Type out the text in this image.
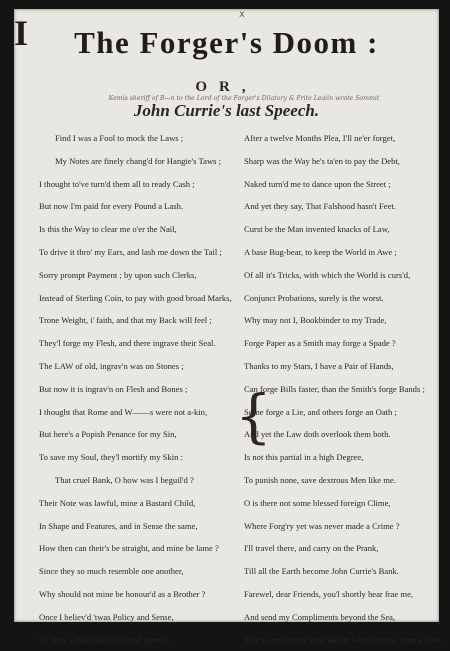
x
The Forger's Doom :
OR,
Kemis sheriff of B—n to the Lord of the Forger's Dilatory & Frite Leaiin wrote Sommit
John Currie's last Speech.
I
Find I was a Fool to mock the Laws ;
My Notes are finely chang'd for Hangie's Taws ;
I thought to've turn'd them all to ready Cash ;
But now I'm paid for every Pound a Lash.
Is this the Way to clear me o'er the Nail,
To drive it thro' my Ears, and lash me down the Tail ;
Sorry prompt Payment ; by upon such Clerks,
Instead of Sterling Coin, to pay with good broad Marks,
Trone Weight, i' faith, and that my Back will feel ;
They'l forge my Flesh, and there ingrave their Seal.
The LAW of old, ingrav'n was on Stones ;
But now it is ingrav'n on Flesh and Bones ;
I thought that Rome and W——s were not a-kin,
But here's a Popish Penance for my Sin,
To save my Soul, they'l mortify my Skin :
That cruel Bank, O how was I beguil'd ?
Their Note was lawful, mine a Bastard Child,
In Shape and Features, and in Sense the same,
How then can their's be straight, and mine be lame ?
Since they so much resemble one another,
Why should not mine be honour'd as a Brother ?
Once I believ'd 'twas Policy and Sense,
To draw a daily Bill on David Spence.
{
After a twelve Months Plea, I'll ne'er forget,
Sharp was the Way he's ta'en to pay the Debt,
Naked turn'd me to dance upon the Street ;
And yet they say, That Falshood hasn't Feet.
Curst be the Man invented knacks of Law,
A base Bug-bear, to keep the World in Awe ;
Of all it's Tricks, with which the World is curs'd,
Conjunct Probations, surely is the worst.
Why may not I, Bookbinder to my Trade,
Forge Paper as a Smith may forge a Spade ?
Thanks to my Stars, I have a Pair of Hands,
Can forge Bills faster, than the Smith's forge Bands ;
Some forge a Lie, and others forge an Oath ;
And yet the Law doth overlook them both.
Is not this partial in a high Degree,
To punish none, save dextrous Men like me.
O is there not some blessed foreign Clime,
Where Forg'ry yet was never made a Crime ?
I'll travel there, and carry on the Prank,
Till all the Earth become John Currie's Bank.
Farewel, dear Friends, you'l shortly hear frae me,
And send my Compliments beyond the Sea,
That ye may drink their Health who send me from a Tree.
